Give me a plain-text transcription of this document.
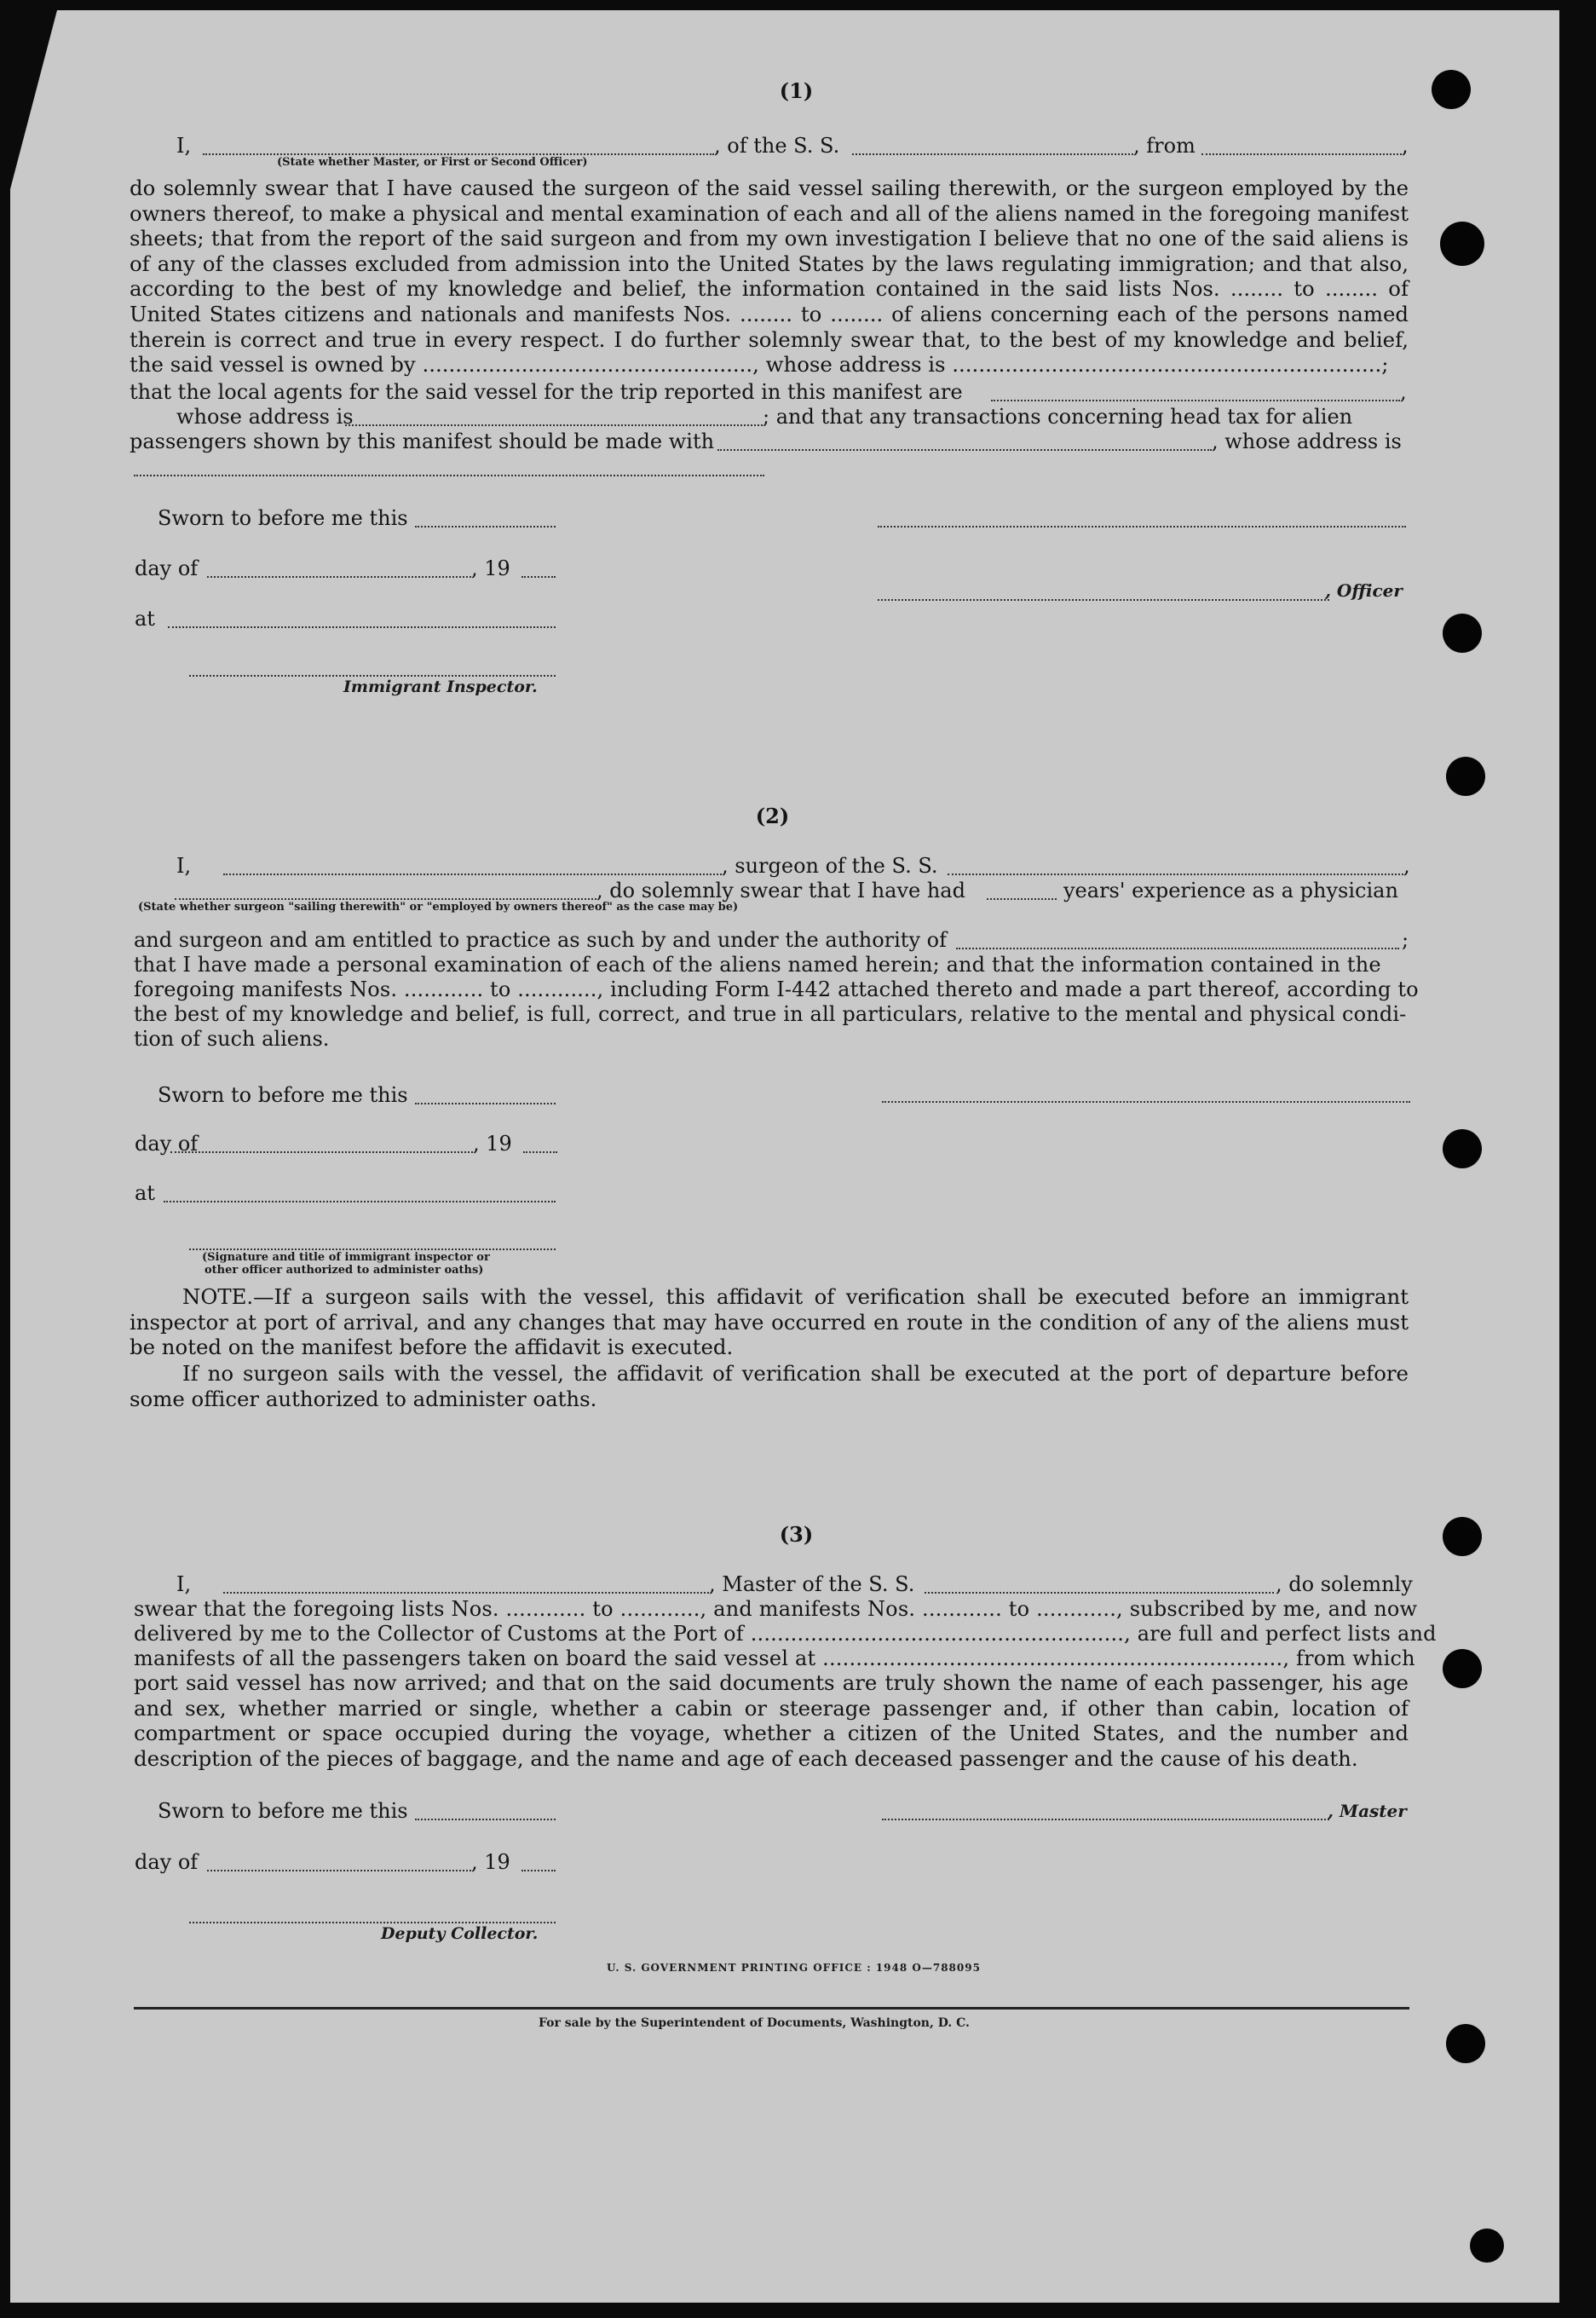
(1)
I,	, of the S. S.	, from	,
(State whether Master, or First or Second Officer)
do solemnly swear that I have caused the surgeon of the said vessel sailing therewith, or the surgeon employed by the owners thereof, to make a physical and mental examination of each and all of the aliens named in the foregoing manifest sheets; that from the report of the said surgeon and from my own investigation I believe that no one of the said aliens is of any of the classes excluded from admission into the United States by the laws regulating immigration; and that also, according to the best of my knowledge and belief, the information contained in the said lists Nos. ........ to ........ of United States citizens and nationals and manifests Nos. ........ to ........ of aliens concerning each of the persons named therein is correct and true in every respect. I do further solemnly swear that, to the best of my knowledge and belief, the said vessel is owned by .................................................., whose address is .................................................................;
that the local agents for the said vessel for the trip reported in this manifest are	,
whose address is	; and that any transactions concerning head tax for alien
passengers shown by this manifest should be made with	, whose address is
Sworn to before me this
day of	, 19
, Officer
at
Immigrant Inspector.
(2)
I,	, surgeon of the S. S.	,
, do solemnly swear that I have had	years' experience as a physician
(State whether surgeon "sailing therewith" or "employed by owners thereof" as the case may be)
and surgeon and am entitled to practice as such by and under the authority of	;
that I have made a personal examination of each of the aliens named herein; and that the information contained in the
foregoing manifests Nos. ............ to ............, including Form I-442 attached thereto and made a part thereof, according to
the best of my knowledge and belief, is full, correct, and true in all particulars, relative to the mental and physical condi-
tion of such aliens.
Sworn to before me this
day of	, 19
at
(Signature and title of immigrant inspector or
other officer authorized to administer oaths)
NOTE.—If a surgeon sails with the vessel, this affidavit of verification shall be executed before an immigrant inspector at port of arrival, and any changes that may have occurred en route in the condition of any of the aliens must be noted on the manifest before the affidavit is executed.
If no surgeon sails with the vessel, the affidavit of verification shall be executed at the port of departure before some officer authorized to administer oaths.
(3)
I,	, Master of the S. S.	, do solemnly
swear that the foregoing lists Nos. ............ to ............, and manifests Nos. ............ to ............, subscribed by me, and now
delivered by me to the Collector of Customs at the Port of ........................................................, are full and perfect lists and
manifests of all the passengers taken on board the said vessel at ....................................................................., from which
port said vessel has now arrived; and that on the said documents are truly shown the name of each passenger, his age and sex, whether married or single, whether a cabin or steerage passenger and, if other than cabin, location of compartment or space occupied during the voyage, whether a citizen of the United States, and the number and description of the pieces of baggage, and the name and age of each deceased passenger and the cause of his death.
Sworn to before me this	, Master
day of	, 19
Deputy Collector.
U. S. GOVERNMENT PRINTING OFFICE : 1948 O—788095
For sale by the Superintendent of Documents, Washington, D. C.
